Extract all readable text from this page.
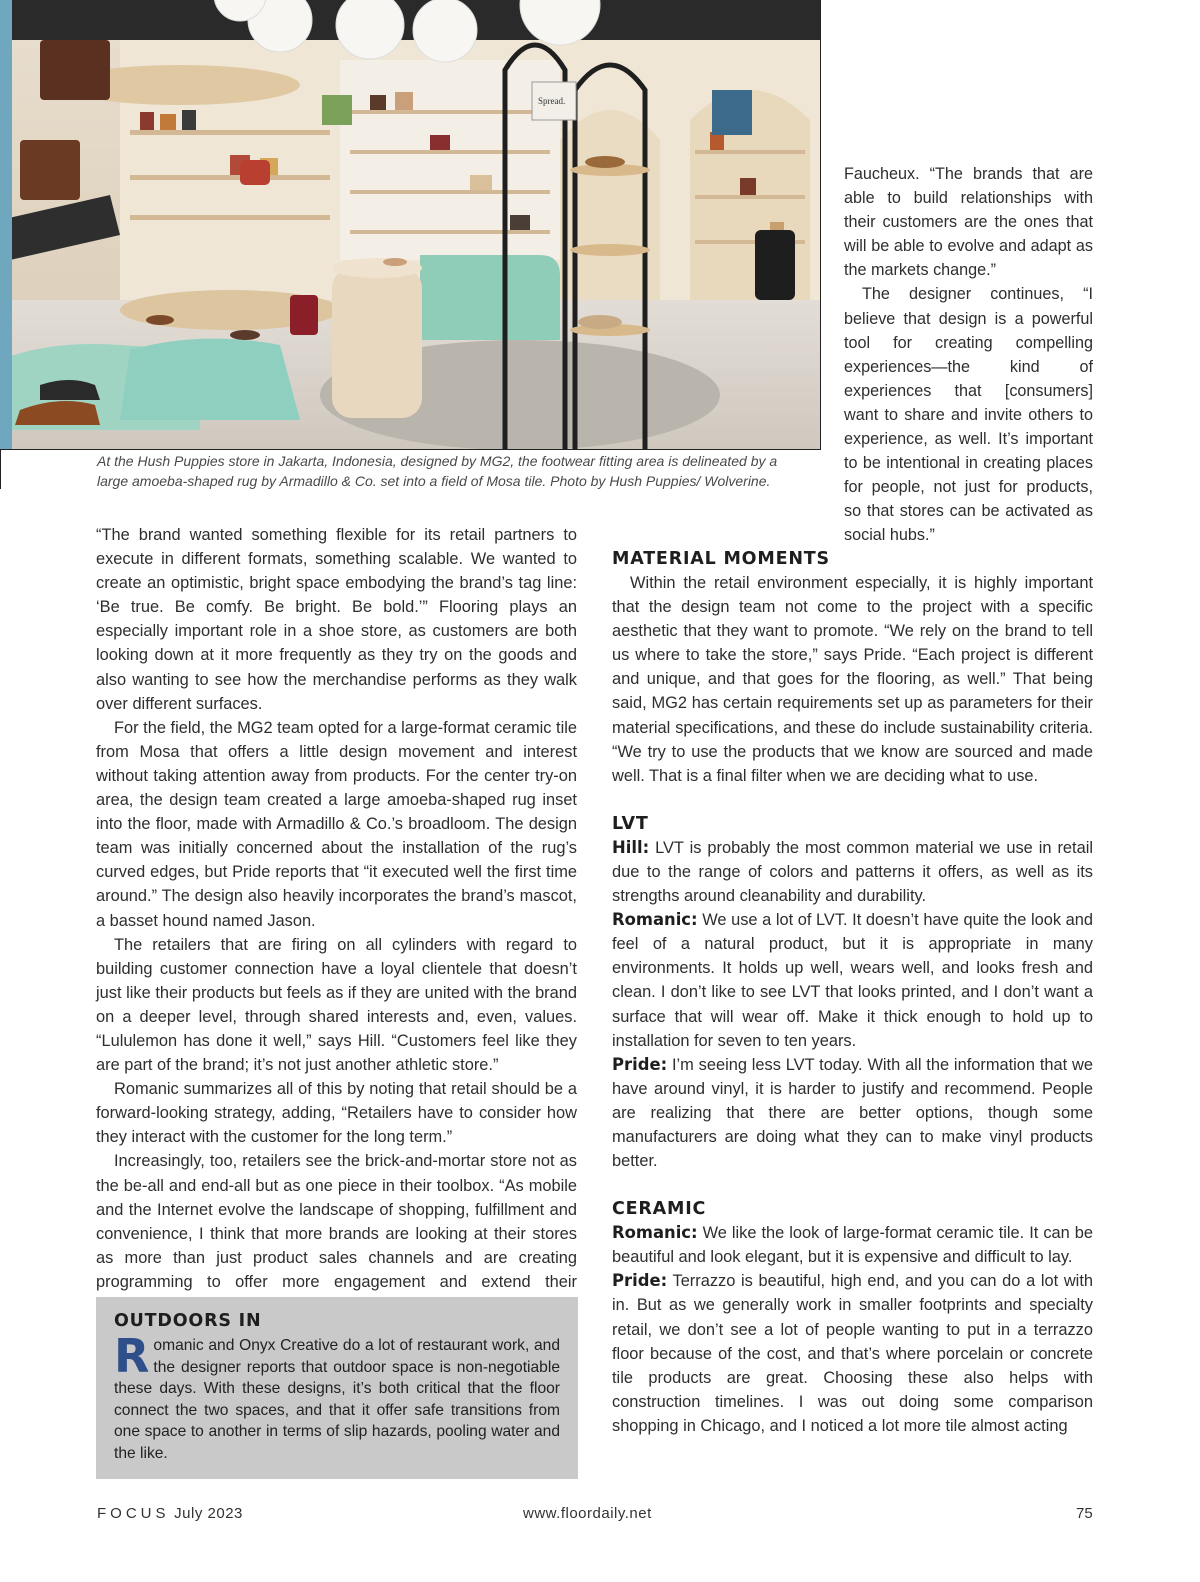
Spread.
At the Hush Puppies store in Jakarta, Indonesia, designed by MG2, the footwear fitting area is delineated by a large amoeba-shaped rug by Armadillo & Co. set into a field of Mosa tile. Photo by Hush Puppies/ Wolverine.

Faucheux. “The brands that are able to build relationships with their customers are the ones that will be able to evolve and adapt as the markets change.”

The designer continues, “I believe that design is a powerful tool for creating compelling experiences—the kind of experiences that [consumers] want to share and invite others to experience, as well. It’s important to be intentional in creating places for people, not just for products, so that stores can be activated as social hubs.”

“The brand wanted something flexible for its retail partners to execute in different formats, something scalable. We wanted to create an optimistic, bright space embodying the brand’s tag line: ‘Be true. Be comfy. Be bright. Be bold.’” Flooring plays an especially important role in a shoe store, as customers are both looking down at it more frequently as they try on the goods and also wanting to see how the merchandise performs as they walk over different surfaces.

For the field, the MG2 team opted for a large-format ceramic tile from Mosa that offers a little design movement and interest without taking attention away from products. For the center try-on area, the design team created a large amoeba-shaped rug inset into the floor, made with Armadillo & Co.’s broadloom. The design team was initially concerned about the installation of the rug’s curved edges, but Pride reports that “it executed well the first time around.” The design also heavily incorporates the brand’s mascot, a basset hound named Jason.

The retailers that are firing on all cylinders with regard to building customer connection have a loyal clientele that doesn’t just like their products but feels as if they are united with the brand on a deeper level, through shared interests and, even, values. “Lululemon has done it well,” says Hill. “Customers feel like they are part of the brand; it’s not just another athletic store.”

Romanic summarizes all of this by noting that retail should be a forward-looking strategy, adding, “Retailers have to consider how they interact with the customer for the long term.”

Increasingly, too, retailers see the brick-and-mortar store not as the be-all and end-all but as one piece in their toolbox. “As mobile and the Internet evolve the landscape of shopping, fulfillment and convenience, I think that more brands are looking at their stores as more than just product sales channels and are creating programming to offer more engagement and extend their

OUTDOORS IN

Romanic and Onyx Creative do a lot of restaurant work, and the designer reports that outdoor space is non-negotiable these days. With these designs, it’s both critical that the floor connect the two spaces, and that it offer safe transitions from one space to another in terms of slip hazards, pooling water and the like.

MATERIAL MOMENTS

Within the retail environment especially, it is highly important that the design team not come to the project with a specific aesthetic that they want to promote. “We rely on the brand to tell us where to take the store,” says Pride. “Each project is different and unique, and that goes for the flooring, as well.” That being said, MG2 has certain requirements set up as parameters for their material specifications, and these do include sustainability criteria. “We try to use the products that we know are sourced and made well. That is a final filter when we are deciding what to use.

LVT

Hill: LVT is probably the most common material we use in retail due to the range of colors and patterns it offers, as well as its strengths around cleanability and durability.

Romanic: We use a lot of LVT. It doesn’t have quite the look and feel of a natural product, but it is appropriate in many environments. It holds up well, wears well, and looks fresh and clean. I don’t like to see LVT that looks printed, and I don’t want a surface that will wear off. Make it thick enough to hold up to installation for seven to ten years.

Pride: I’m seeing less LVT today. With all the information that we have around vinyl, it is harder to justify and recommend. People are realizing that there are better options, though some manufacturers are doing what they can to make vinyl products better.

CERAMIC

Romanic: We like the look of large-format ceramic tile. It can be beautiful and look elegant, but it is expensive and difficult to lay.

Pride: Terrazzo is beautiful, high end, and you can do a lot with in. But as we generally work in smaller footprints and specialty retail, we don’t see a lot of people wanting to put in a terrazzo floor because of the cost, and that’s where porcelain or concrete tile products are great. Choosing these also helps with construction timelines. I was out doing some comparison shopping in Chicago, and I noticed a lot more tile almost acting

FOCUS July 2023	www.floordaily.net	75
